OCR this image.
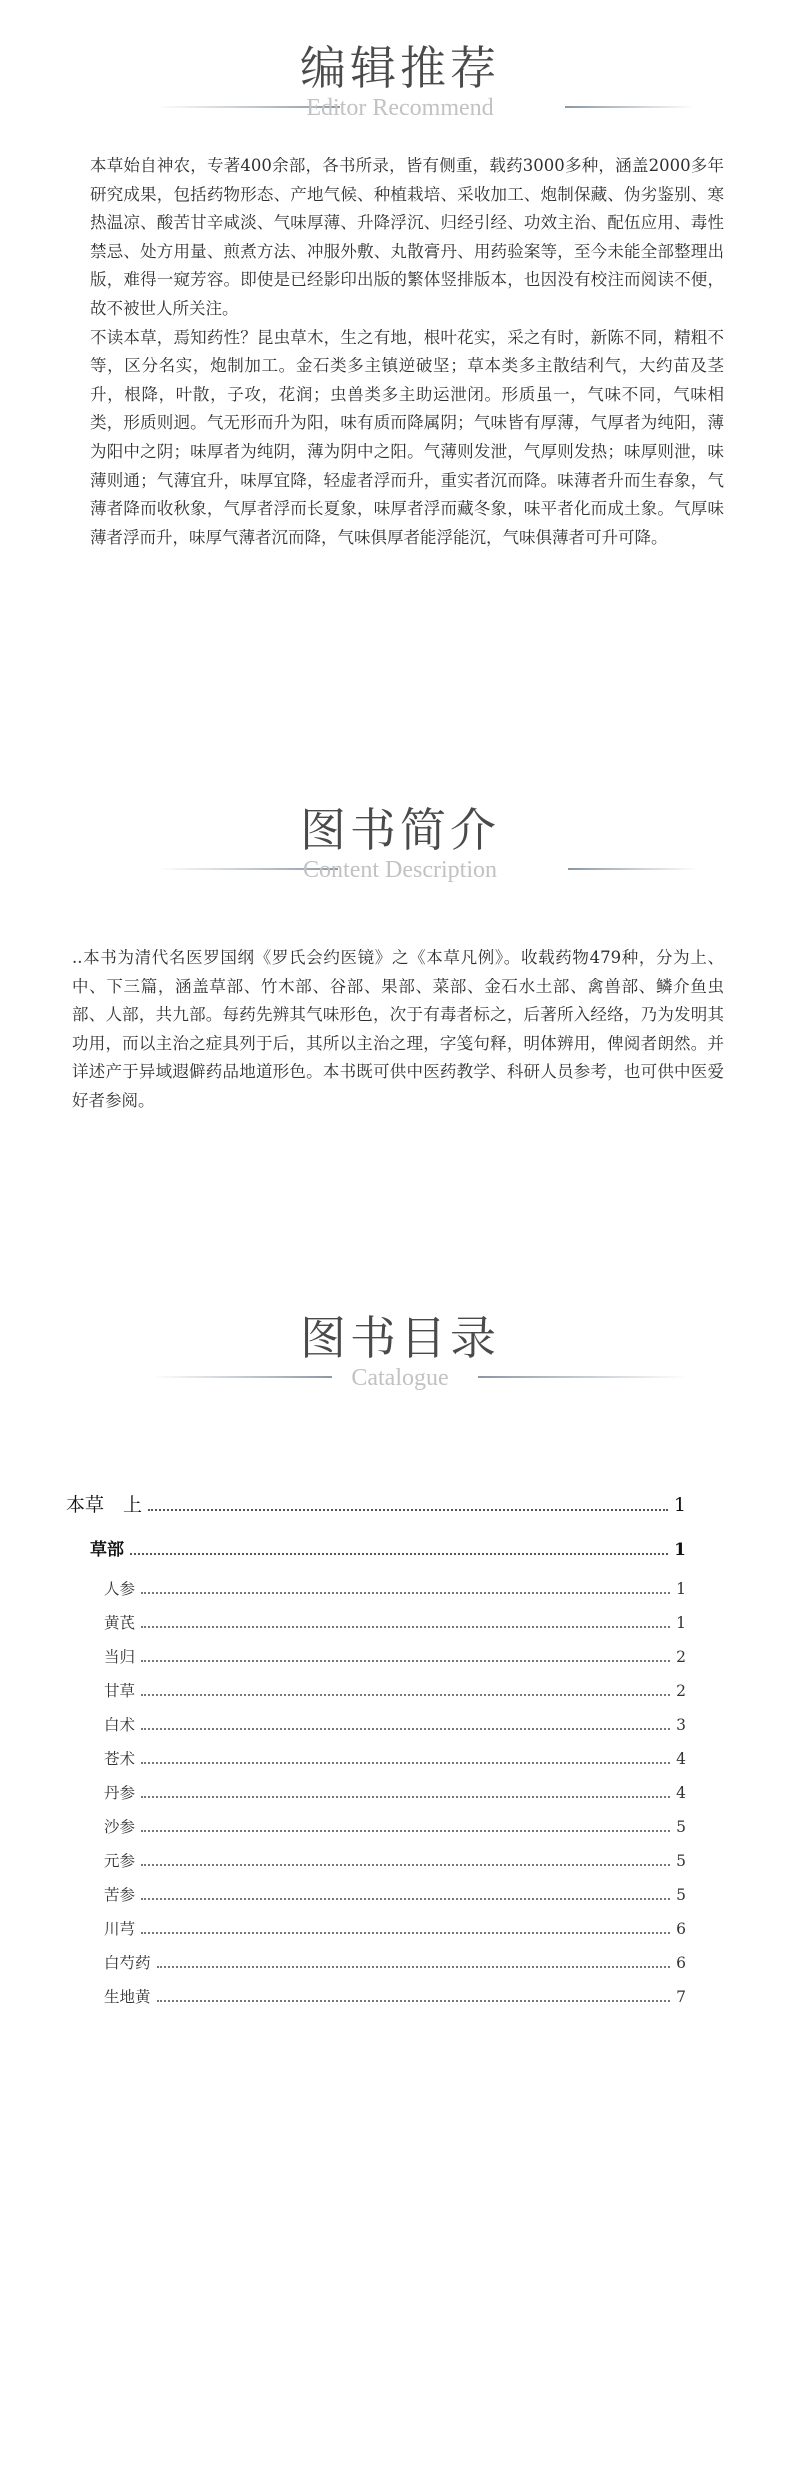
编辑推荐
Editor Recommend

本草始自神农，专著400余部，各书所录，皆有侧重，载药3000多种，涵盖2000多年研究成果，包括药物形态、产地气候、种植栽培、采收加工、炮制保藏、伪劣鉴别、寒热温凉、酸苦甘辛咸淡、气味厚薄、升降浮沉、归经引经、功效主治、配伍应用、毒性禁忌、处方用量、煎煮方法、冲服外敷、丸散膏丹、用药验案等，至今未能全部整理出版，难得一窥芳容。即使是已经影印出版的繁体竖排版本，也因没有校注而阅读不便，故不被世人所关注。

不读本草，焉知药性？昆虫草木，生之有地，根叶花实，采之有时，新陈不同，精粗不等，区分名实，炮制加工。金石类多主镇逆破坚；草本类多主散结利气，大约苗及茎升，根降，叶散，子攻，花润；虫兽类多主助运泄闭。形质虽一，气味不同，气味相类，形质则迥。气无形而升为阳，味有质而降属阴；气味皆有厚薄，气厚者为纯阳，薄为阳中之阴；味厚者为纯阴，薄为阴中之阳。气薄则发泄，气厚则发热；味厚则泄，味薄则通；气薄宜升，味厚宜降，轻虚者浮而升，重实者沉而降。味薄者升而生春象，气薄者降而收秋象，气厚者浮而长夏象，味厚者浮而藏冬象，味平者化而成土象。气厚味薄者浮而升，味厚气薄者沉而降，气味俱厚者能浮能沉，气味俱薄者可升可降。

图书简介
Content Description

..本书为清代名医罗国纲《罗氏会约医镜》之《本草凡例》。收载药物479种，分为上、中、下三篇，涵盖草部、竹木部、谷部、果部、菜部、金石水土部、禽兽部、鳞介鱼虫部、人部，共九部。每药先辨其气味形色，次于有毒者标之，后著所入经络，乃为发明其功用，而以主治之症具列于后，其所以主治之理，字笺句释，明体辨用，俾阅者朗然。并详述产于异域遐僻药品地道形色。本书既可供中医药教学、科研人员参考，也可供中医爱好者参阅。

图书目录
Catalogue
本草　上	1
草部	1
人参	1
黄芪	1
当归	2
甘草	2
白术	3
苍术	4
丹参	4
沙参	5
元参	5
苦参	5
川芎	6
白芍药	6
生地黄	7
